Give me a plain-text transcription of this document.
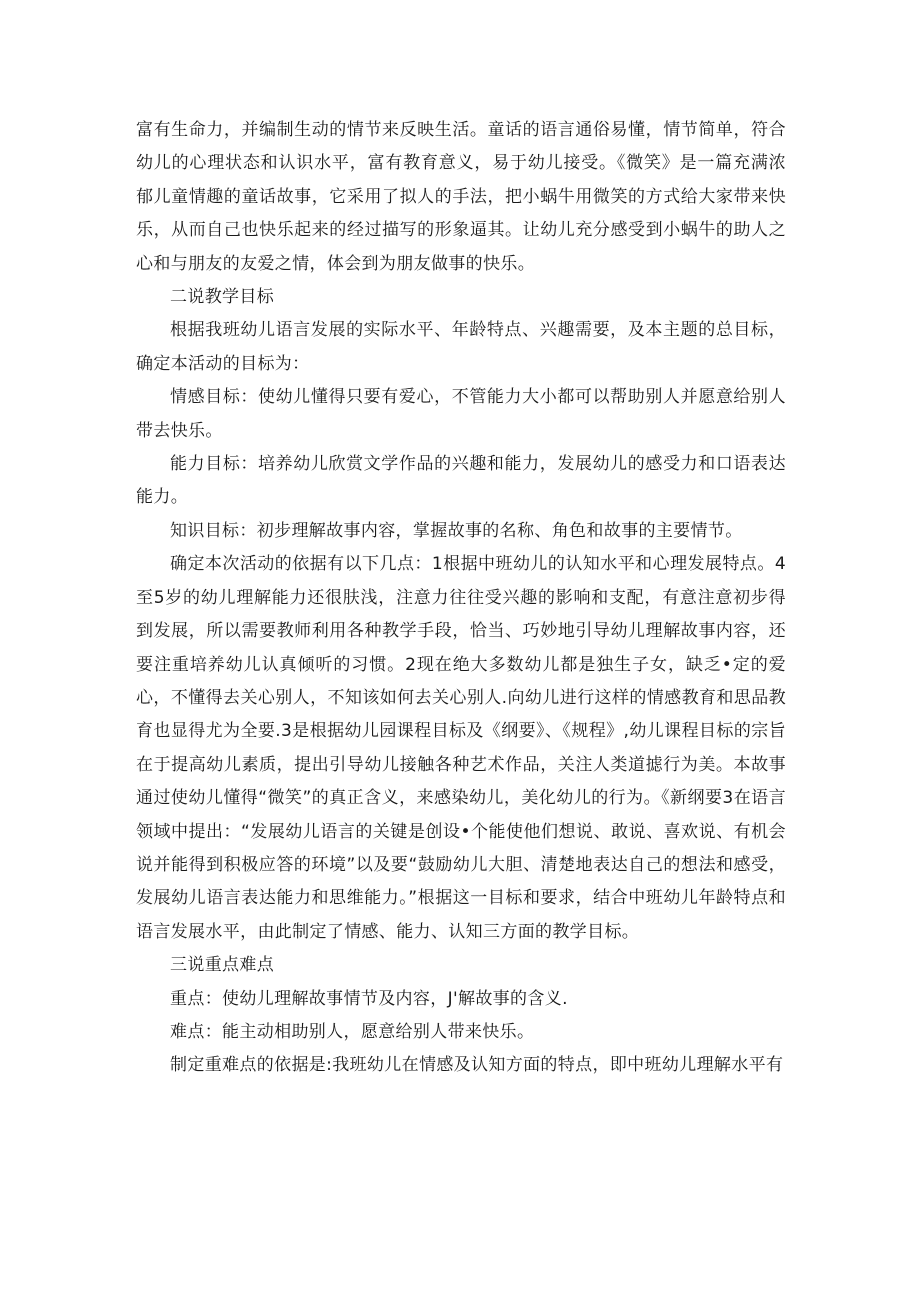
富有生命力，并编制生动的情节来反映生活。童话的语言通俗易懂，情节简单，符合幼儿的心理状态和认识水平，富有教育意义，易于幼儿接受。《微笑》是一篇充满浓郁儿童情趣的童话故事，它采用了拟人的手法，把小蜗牛用微笑的方式给大家带来快乐，从而自己也快乐起来的经过描写的形象逼其。让幼儿充分感受到小蜗牛的助人之心和与朋友的友爱之情，体会到为朋友做事的快乐。

二说教学目标

根据我班幼儿语言发展的实际水平、年龄特点、兴趣需要，及本主题的总目标，确定本活动的目标为：

情感目标：使幼儿懂得只要有爱心，不管能力大小都可以帮助别人并愿意给别人带去快乐。

能力目标：培养幼儿欣赏文学作品的兴趣和能力，发展幼儿的感受力和口语表达能力。

知识目标：初步理解故事内容，掌握故事的名称、角色和故事的主要情节。

确定本次活动的依据有以下几点：1根据中班幼儿的认知水平和心理发展特点。4至5岁的幼儿理解能力还很肤浅，注意力往往受兴趣的影响和支配，有意注意初步得到发展，所以需要教师利用各种教学手段，恰当、巧妙地引导幼儿理解故事内容，还要注重培养幼儿认真倾听的习惯。2现在绝大多数幼儿都是独生子女，缺乏•定的爱心，不懂得去关心别人，不知该如何去关心别人.向幼儿进行这样的情感教育和思品教育也显得尤为全要.3是根据幼儿园课程目标及《纲要》、《规程》,幼儿课程目标的宗旨在于提高幼儿素质，提出引导幼儿接触各种艺术作品，关注人类道摅行为美。本故事通过使幼儿懂得“微笑”的真正含义，来感染幼儿，美化幼儿的行为。《新纲要3在语言领域中提出：“发展幼儿语言的关键是创设•个能使他们想说、敢说、喜欢说、有机会说并能得到积极应答的环境”以及要“鼓励幼儿大胆、清楚地表达自己的想法和感受，发展幼儿语言表达能力和思维能力。”根据这一目标和要求，结合中班幼儿年龄特点和语言发展水平，由此制定了情感、能力、认知三方面的教学目标。

三说重点难点

重点：使幼儿理解故事情节及内容，J'解故事的含义.

难点：能主动相助别人，愿意给别人带来快乐。

制定重难点的依据是:我班幼儿在情感及认知方面的特点，即中班幼儿理解水平有
